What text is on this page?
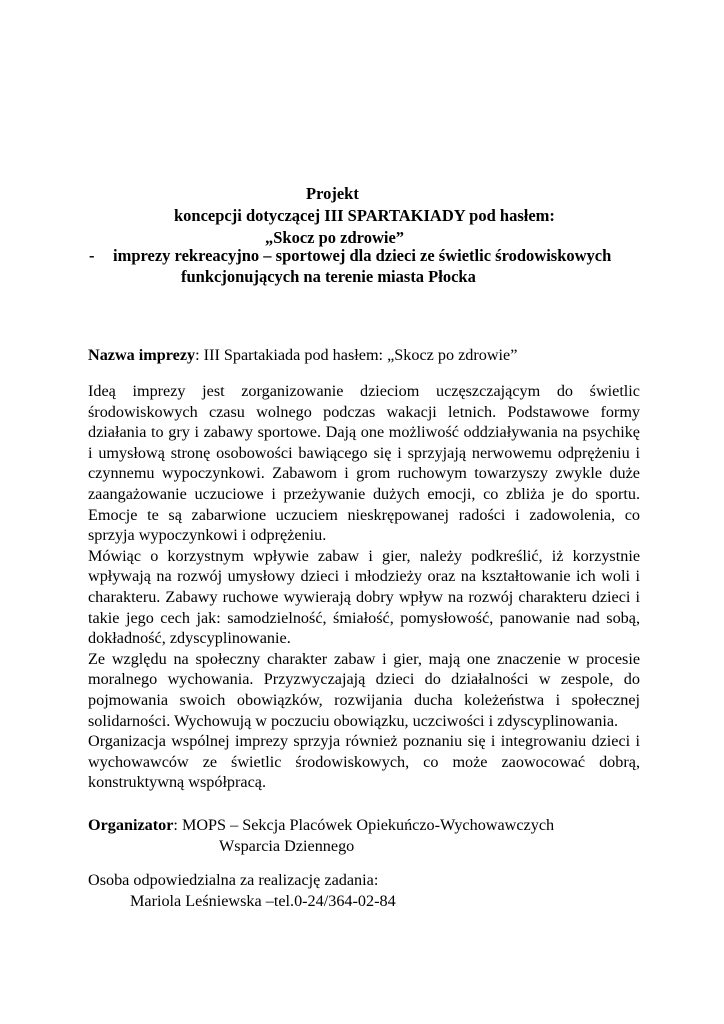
Projekt
koncepcji dotyczącej III SPARTAKIADY pod hasłem:
„Skocz po zdrowie”
- imprezy rekreacyjno – sportowej dla dzieci ze świetlic środowiskowych
funkcjonujących na terenie miasta Płocka
Nazwa imprezy: III Spartakiada pod hasłem: „Skocz po zdrowie”

Ideą imprezy jest zorganizowanie dzieciom uczęszczającym do świetlic środowiskowych czasu wolnego podczas wakacji letnich. Podstawowe formy działania to gry i zabawy sportowe. Dają one możliwość oddziaływania na psychikę i umysłową stronę osobowości bawiącego się i sprzyjają nerwowemu odprężeniu i czynnemu wypoczynkowi. Zabawom i grom ruchowym towarzyszy zwykle duże zaangażowanie uczuciowe i przeżywanie dużych emocji, co zbliża je do sportu. Emocje te są zabarwione uczuciem nieskrępowanej radości i zadowolenia, co sprzyja wypoczynkowi i odprężeniu.

Mówiąc o korzystnym wpływie zabaw i gier, należy podkreślić, iż korzystnie wpływają na rozwój umysłowy dzieci i młodzieży oraz na kształtowanie ich woli i charakteru. Zabawy ruchowe wywierają dobry wpływ na rozwój charakteru dzieci i takie jego cech jak: samodzielność, śmiałość, pomysłowość, panowanie nad sobą, dokładność, zdyscyplinowanie.

Ze względu na społeczny charakter zabaw i gier, mają one znaczenie w procesie moralnego wychowania. Przyzwyczajają dzieci do działalności w zespole, do pojmowania swoich obowiązków, rozwijania ducha koleżeństwa i społecznej solidarności. Wychowują w poczuciu obowiązku, uczciwości i zdyscyplinowania.

Organizacja wspólnej imprezy sprzyja również poznaniu się i integrowaniu dzieci i wychowawców ze świetlic środowiskowych, co może zaowocować dobrą, konstruktywną współpracą.

Organizator: MOPS – Sekcja Placówek Opiekuńczo-Wychowawczych
Wsparcia Dziennego
Osoba odpowiedzialna za realizację zadania:
Mariola Leśniewska –tel.0-24/364-02-84
